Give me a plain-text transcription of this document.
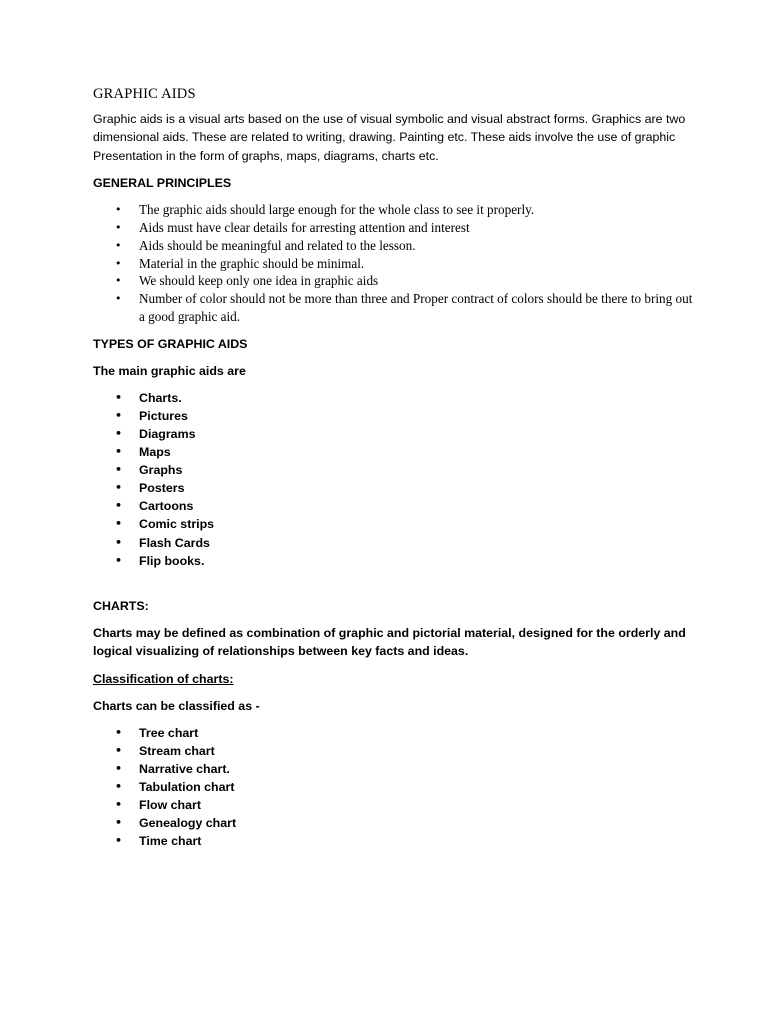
GRAPHIC AIDS

Graphic aids is a visual arts based on the use of visual symbolic and visual abstract forms. Graphics are two dimensional aids. These are related to writing, drawing. Painting etc. These aids involve the use of graphic Presentation in the form of graphs, maps, diagrams, charts etc.

GENERAL PRINCIPLES
• The graphic aids should large enough for the whole class to see it properly.
• Aids must have clear details for arresting attention and interest
• Aids should be meaningful and related to the lesson.
• Material in the graphic should be minimal.
• We should keep only one idea in graphic aids
• Number of color should not be more than three and Proper contract of colors should be there to bring out a good graphic aid.
TYPES OF GRAPHIC AIDS
The main graphic aids are
• Charts.
• Pictures
• Diagrams
• Maps
• Graphs
• Posters
• Cartoons
• Comic strips
• Flash Cards
• Flip books.
CHARTS:

Charts may be defined as combination of graphic and pictorial material, designed for the orderly and logical visualizing of relationships between key facts and ideas.

Classification of charts:
Charts can be classified as -
• Tree chart
• Stream chart
• Narrative chart.
• Tabulation chart
• Flow chart
• Genealogy chart
• Time chart
